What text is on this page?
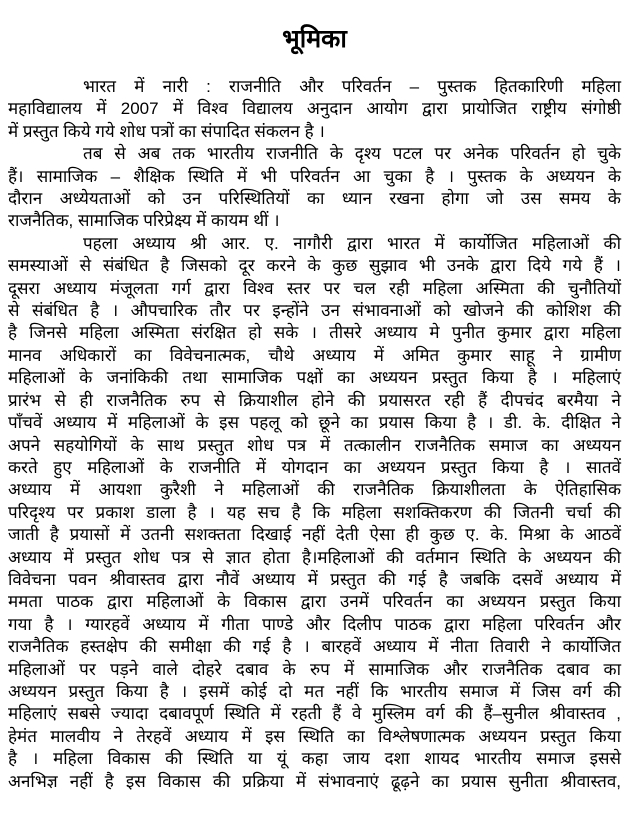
भूमिका
भारत में नारी : राजनीति और परिवर्तन – पुस्तक हितकारिणी महिला
महाविद्यालय में 2007 में विश्व विद्यालय अनुदान आयोग द्वारा प्रायोजित राष्ट्रीय संगोष्ठी
में प्रस्तुत किये गये शोध पत्रों का संपादित संकलन है ।
तब से अब तक भारतीय राजनीति के दृश्य पटल पर अनेक परिवर्तन हो चुके
हैं। सामाजिक – शैक्षिक स्थिति में भी परिवर्तन आ चुका है । पुस्तक के अध्ययन के
दौरान अध्येयताओं को उन परिस्थितियों का ध्यान रखना होगा जो उस समय के
राजनैतिक, सामाजिक परिप्रेक्ष्य में कायम थीं ।
पहला अध्याय श्री आर. ए. नागौरी द्वारा भारत में कार्योजित महिलाओं की
समस्याओं से संबंधित है जिसको दूर करने के कुछ सुझाव भी उनके द्वारा दिये गये हैं ।
दूसरा अध्याय मंजूलता गर्ग द्वारा विश्व स्तर पर चल रही महिला अस्मिता की चुनौतियों
से संबंधित है । औपचारिक तौर पर इन्होंने उन संभावनाओं को खोजने की कोशिश की
है जिनसे महिला अस्मिता संरक्षित हो सके । तीसरे अध्याय मे पुनीत कुमार द्वारा महिला
मानव अधिकारों का विवेचनात्मक, चौथे अध्याय में अमित कुमार साहू ने ग्रामीण
महिलाओं के जनांकिकी तथा सामाजिक पक्षों का अध्ययन प्रस्तुत किया है । महिलाएं
प्रारंभ से ही राजनैतिक रुप से क्रियाशील होने की प्रयासरत रही हैं दीपचंद बरमैया ने
पाँचवें अध्याय में महिलाओं के इस पहलू को छूने का प्रयास किया है । डी. के. दीक्षित ने
अपने सहयोगियों के साथ प्रस्तुत शोध पत्र में तत्कालीन राजनैतिक समाज का अध्ययन
करते हुए महिलाओं के राजनीति में योगदान का अध्ययन प्रस्तुत किया है । सातवें
अध्याय में आयशा कुरैशी ने महिलाओं की राजनैतिक क्रियाशीलता के ऐतिहासिक
परिदृश्य पर प्रकाश डाला है । यह सच है कि महिला सशक्तिकरण की जितनी चर्चा की
जाती है प्रयासों में उतनी सशक्तता दिखाई नहीं देती ऐसा ही कुछ ए. के. मिश्रा के आठवें
अध्याय में प्रस्तुत शोध पत्र से ज्ञात होता है।महिलाओं की वर्तमान स्थिति के अध्ययन की
विवेचना पवन श्रीवास्तव द्वारा नौवें अध्याय में प्रस्तुत की गई है जबकि दसवें अध्याय में
ममता पाठक द्वारा महिलाओं के विकास द्वारा उनमें परिवर्तन का अध्ययन प्रस्तुत किया
गया है । ग्यारहवें अध्याय में गीता पाण्डे और दिलीप पाठक द्वारा महिला परिवर्तन और
राजनैतिक हस्तक्षेप की समीक्षा की गई है । बारहवें अध्याय में नीता तिवारी ने कार्योजित
महिलाओं पर पड़ने वाले दोहरे दबाव के रुप में सामाजिक और राजनैतिक दबाव का
अध्ययन प्रस्तुत किया है । इसमें कोई दो मत नहीं कि भारतीय समाज में जिस वर्ग की
महिलाएं सबसे ज्यादा दबावपूर्ण स्थिति में रहती हैं वे मुस्लिम वर्ग की हैं–सुनील श्रीवास्तव ,
हेमंत मालवीय ने तेरहवें अध्याय में इस स्थिति का विश्लेषणात्मक अध्ययन प्रस्तुत किया
है । महिला विकास की स्थिति या यूं कहा जाय दशा शायद भारतीय समाज इससे
अनभिज्ञ नहीं है इस विकास की प्रक्रिया में संभावनाएं ढूढ़ने का प्रयास सुनीता श्रीवास्तव,
